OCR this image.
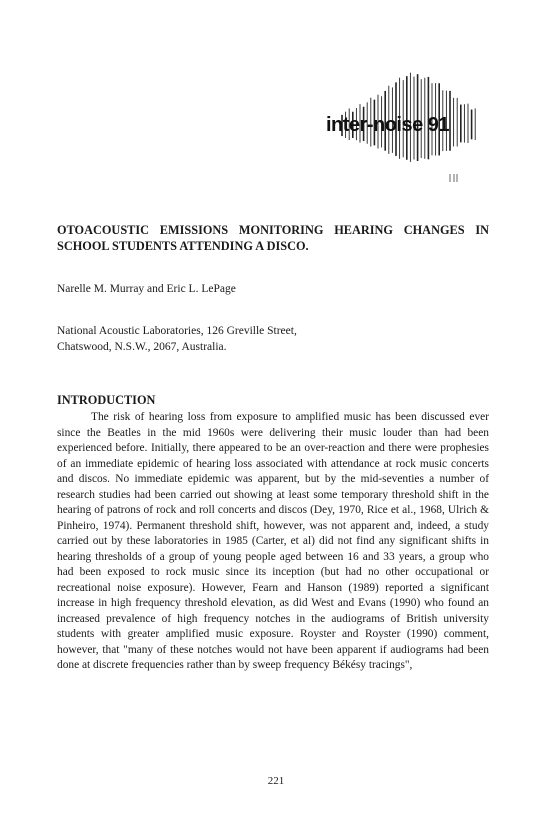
inter-noise 91
OTOACOUSTIC EMISSIONS MONITORING HEARING CHANGES IN SCHOOL STUDENTS ATTENDING A DISCO.
Narelle M. Murray and Eric L. LePage
National Acoustic Laboratories, 126 Greville Street,
Chatswood, N.S.W., 2067, Australia.
INTRODUCTION

The risk of hearing loss from exposure to amplified music has been discussed ever since the Beatles in the mid 1960s were delivering their music louder than had been experienced before. Initially, there appeared to be an over-reaction and there were prophesies of an immediate epidemic of hearing loss associated with attendance at rock music concerts and discos. No immediate epidemic was apparent, but by the mid-seventies a number of research studies had been carried out showing at least some temporary threshold shift in the hearing of patrons of rock and roll concerts and discos (Dey, 1970, Rice et al., 1968, Ulrich & Pinheiro, 1974). Permanent threshold shift, however, was not apparent and, indeed, a study carried out by these laboratories in 1985 (Carter, et al) did not find any significant shifts in hearing thresholds of a group of young people aged between 16 and 33 years, a group who had been exposed to rock music since its inception (but had no other occupational or recreational noise exposure). However, Fearn and Hanson (1989) reported a significant increase in high frequency threshold elevation, as did West and Evans (1990) who found an increased prevalence of high frequency notches in the audiograms of British university students with greater amplified music exposure. Royster and Royster (1990) comment, however, that "many of these notches would not have been apparent if audiograms had been done at discrete frequencies rather than by sweep frequency Békésy tracings",

221
